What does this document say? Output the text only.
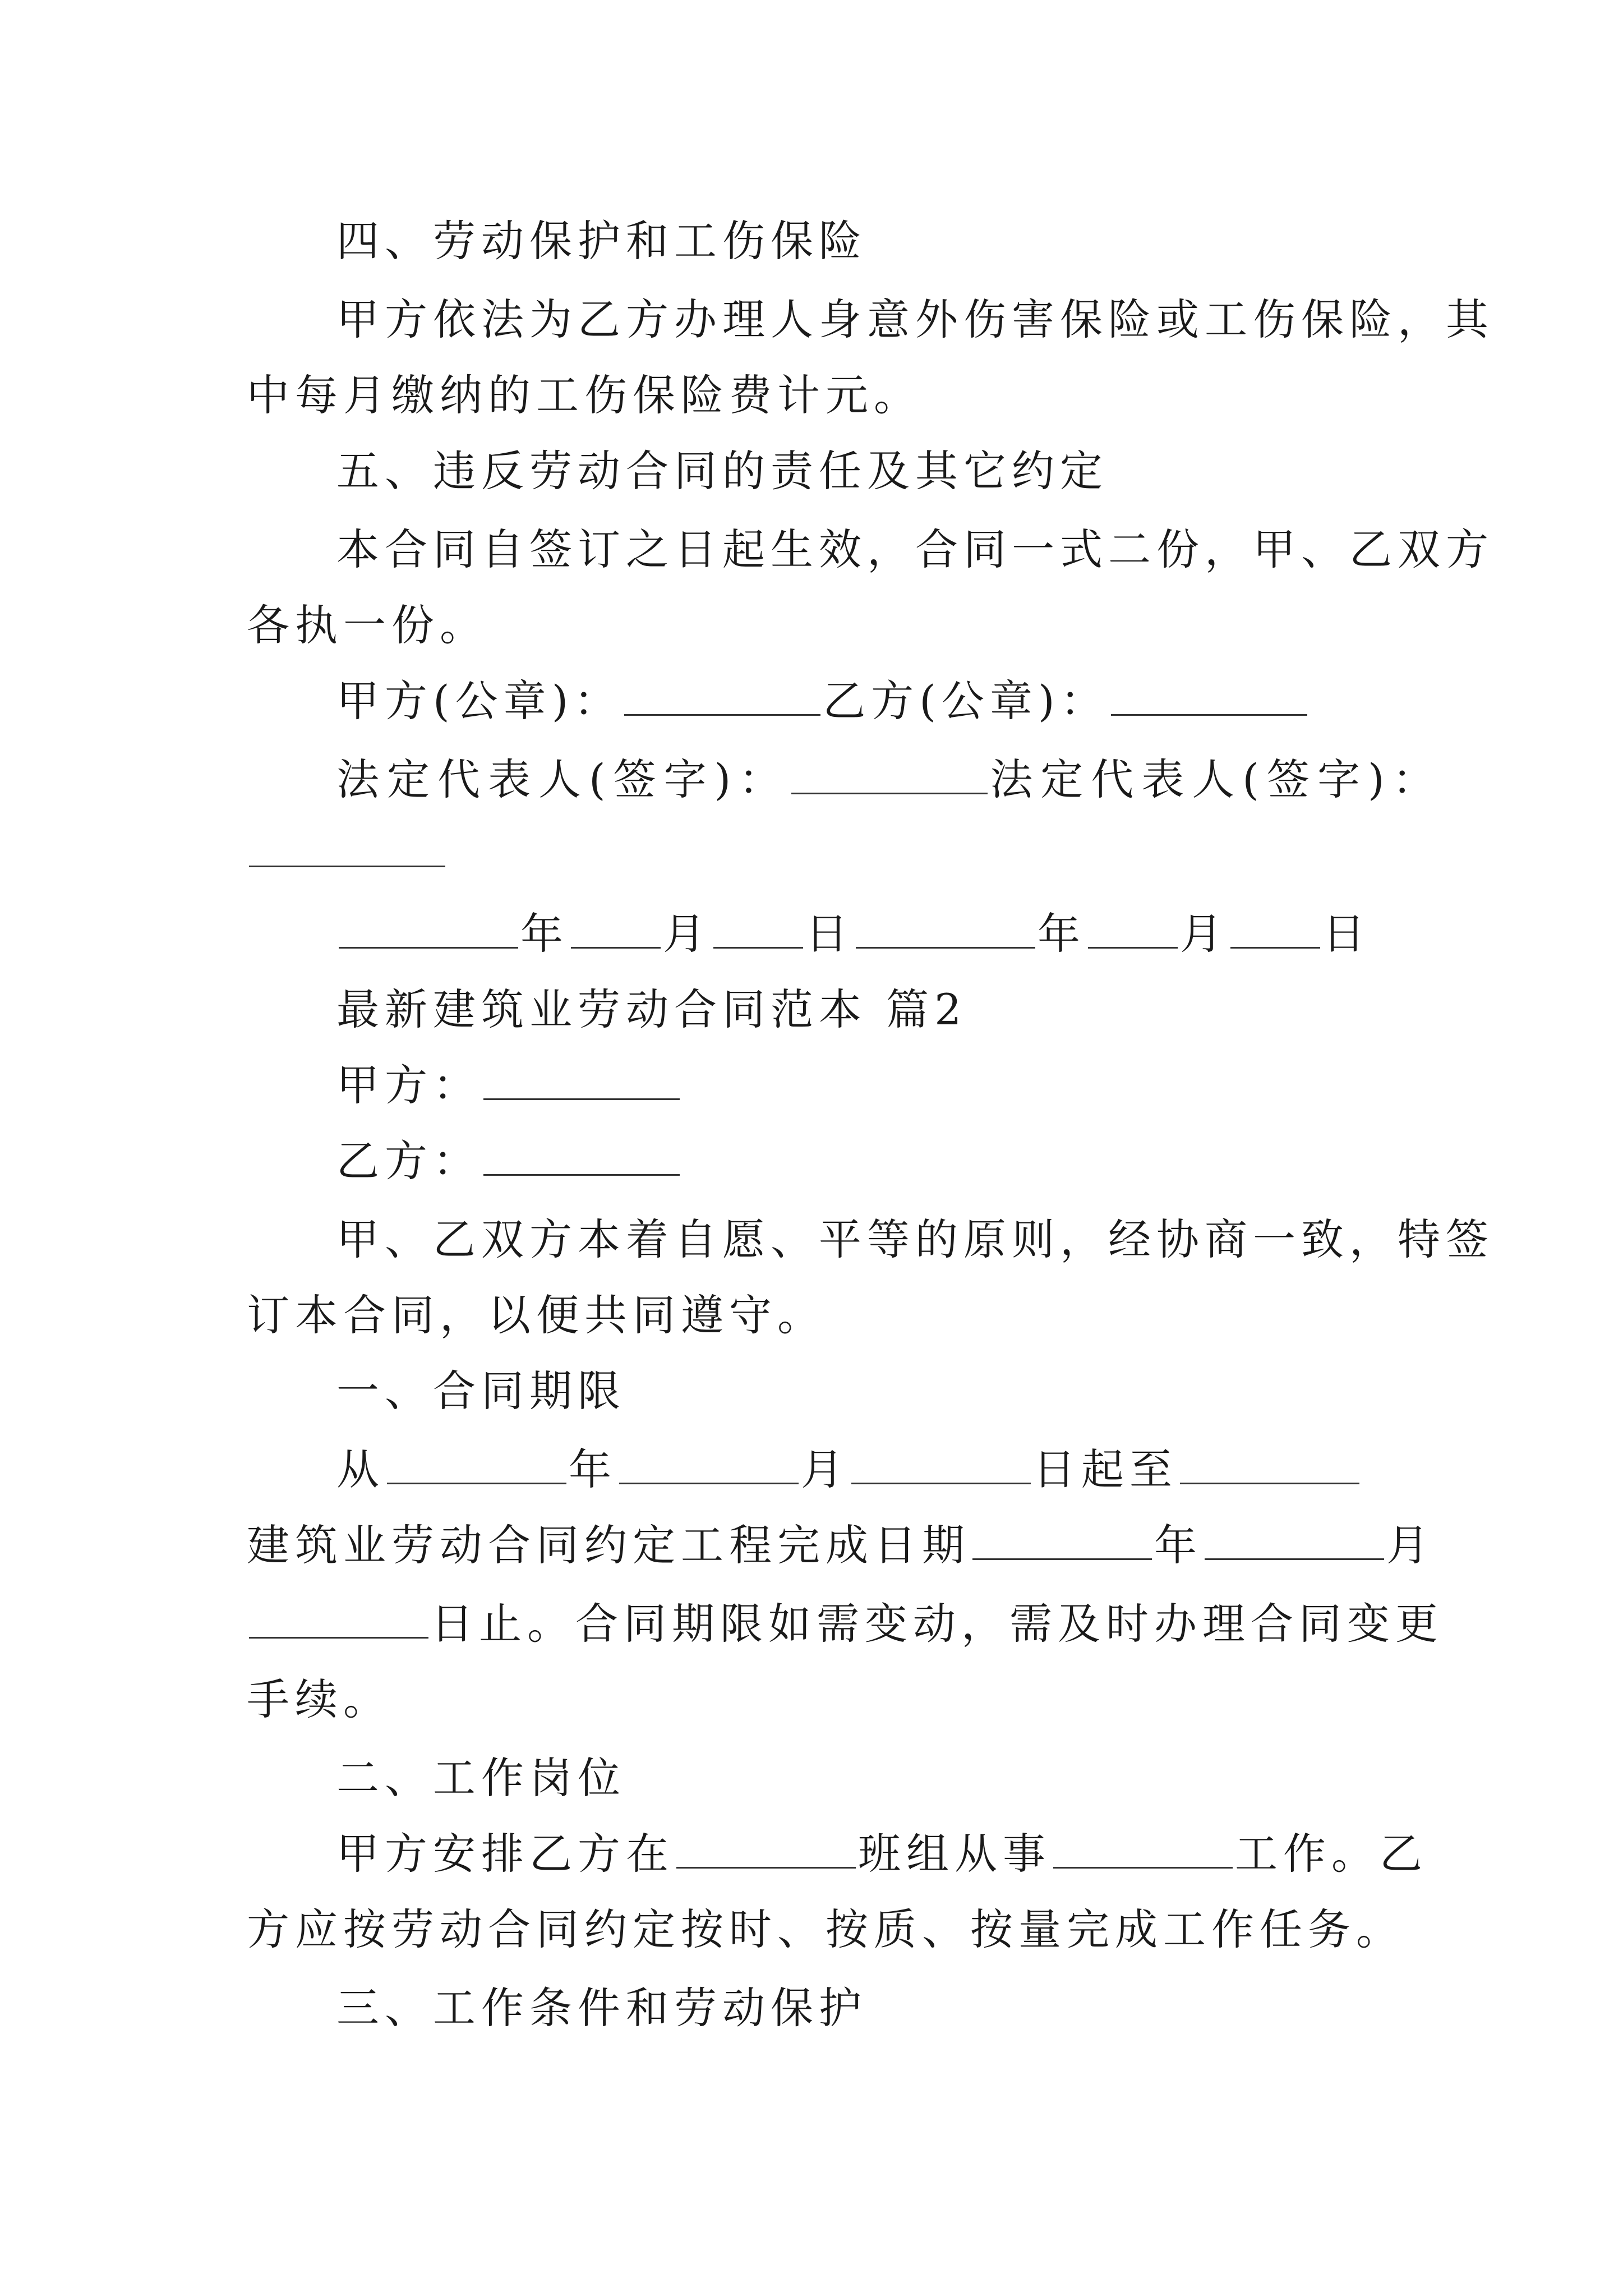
四、劳动保护和工伤保险
甲方依法为乙方办理人身意外伤害保险或工伤保险，其
中每月缴纳的工伤保险费计元。
五、违反劳动合同的责任及其它约定
本合同自签订之日起生效，合同一式二份，甲、乙双方
各执一份。
甲方(公章)：	乙方(公章)：
法定代表人(签字)：	法定代表人(签字)：
年 月 日	年 月 日
最新建筑业劳动合同范本 篇2
甲方：
乙方：
甲、乙双方本着自愿、平等的原则，经协商一致，特签
订本合同，以便共同遵守。
一、合同期限
从	年	月	日起至
建筑业劳动合同约定工程完成日期	年	月
日止。合同期限如需变动，需及时办理合同变更
手续。
二、工作岗位
甲方安排乙方在	班组从事	工作。乙
方应按劳动合同约定按时、按质、按量完成工作任务。
三、工作条件和劳动保护
